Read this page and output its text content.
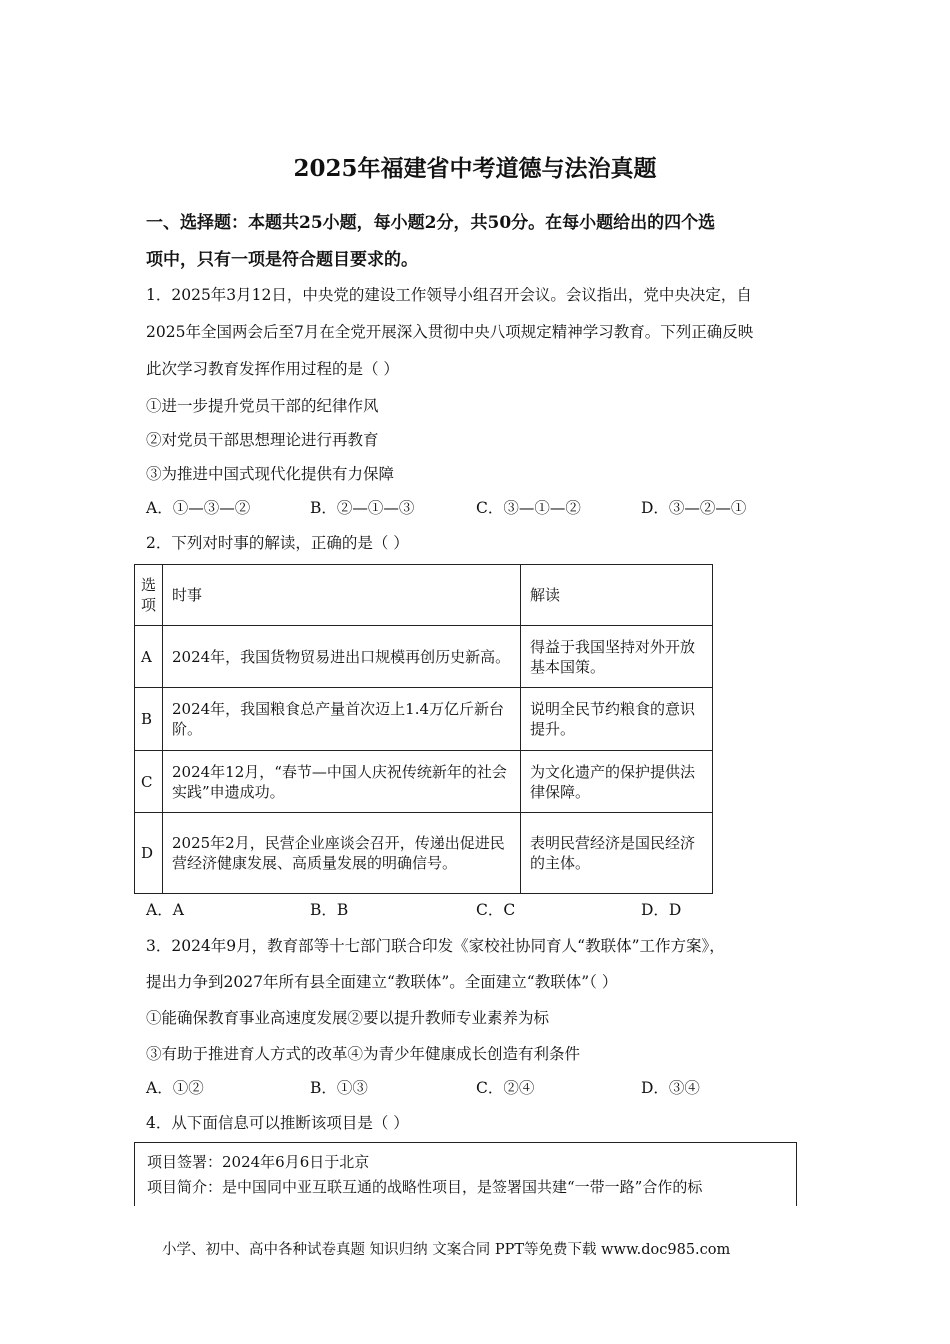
2025年福建省中考道德与法治真题
一、选择题：本题共25小题，每小题2分，共50分。在每小题给出的四个选
项中，只有一项是符合题目要求的。
1．2025年3月12日，中央党的建设工作领导小组召开会议。会议指出，党中央决定，自
2025年全国两会后至7月在全党开展深入贯彻中央八项规定精神学习教育。下列正确反映
此次学习教育发挥作用过程的是（ ）
①进一步提升党员干部的纪律作风
②对党员干部思想理论进行再教育
③为推进中国式现代化提供有力保障
A．①—③—②	B．②—①—③	C．③—①—②	D．③—②—①
2．下列对时事的解读，正确的是（ ）
选项	时事	解读
A	2024年，我国货物贸易进出口规模再创历史新高。	得益于我国坚持对外开放基本国策。
B	2024年，我国粮食总产量首次迈上1.4万亿斤新台阶。	说明全民节约粮食的意识提升。
C	2024年12月，“春节—中国人庆祝传统新年的社会实践”申遗成功。	为文化遗产的保护提供法律保障。
D	2025年2月，民营企业座谈会召开，传递出促进民营经济健康发展、高质量发展的明确信号。	表明民营经济是国民经济的主体。
A．A	B．B	C．C	D．D
3．2024年9月，教育部等十七部门联合印发《家校社协同育人“教联体”工作方案》，
提出力争到2027年所有县全面建立“教联体”。全面建立“教联体”（ ）
①能确保教育事业高速度发展②要以提升教师专业素养为标
③有助于推进育人方式的改革④为青少年健康成长创造有利条件
A．①②	B．①③	C．②④	D．③④
4．从下面信息可以推断该项目是（ ）
项目签署：2024年6月6日于北京
项目简介：是中国同中亚互联互通的战略性项目，是签署国共建“一带一路”合作的标
小学、初中、高中各种试卷真题 知识归纳 文案合同 PPT等免费下载 www.doc985.com
